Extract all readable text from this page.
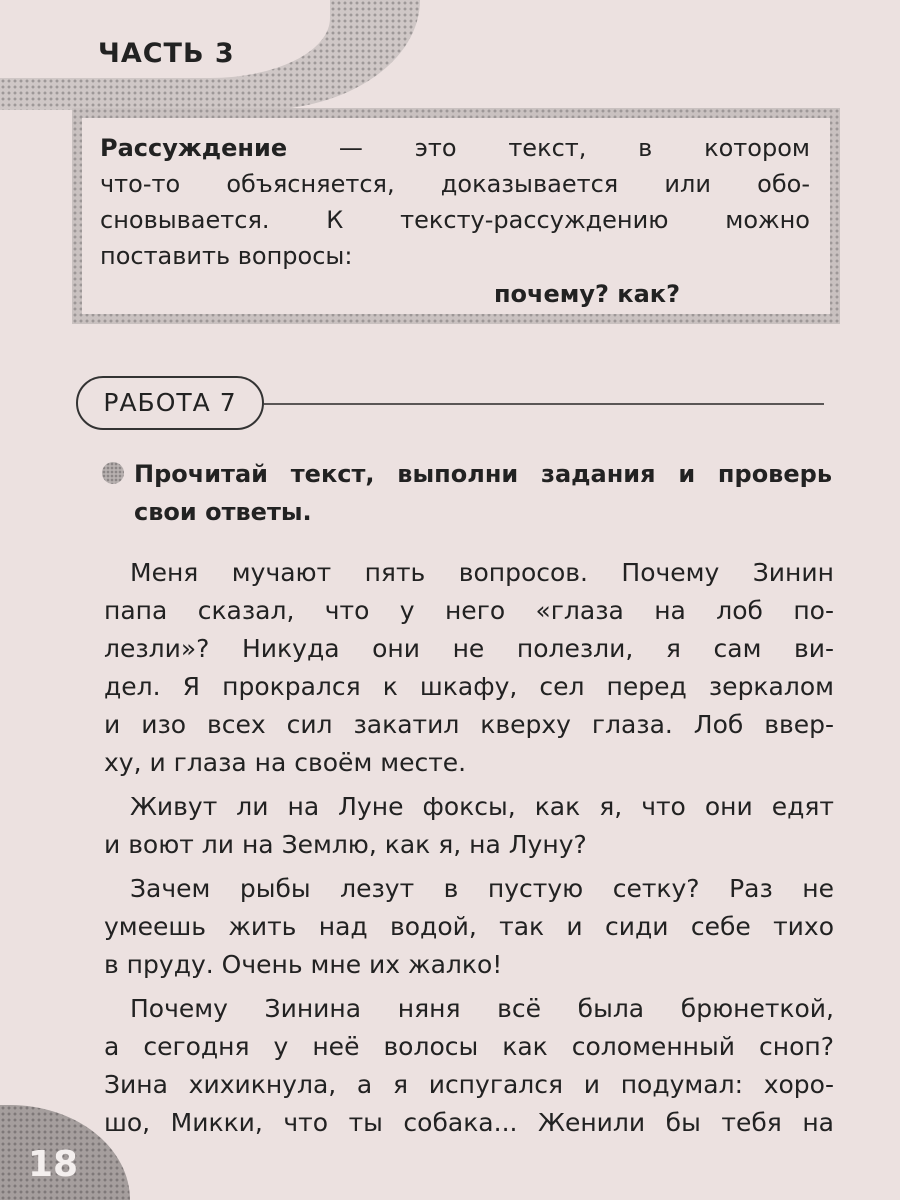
ЧАСТЬ 3
Рассуждение — это текст, в котором
что-то объясняется, доказывается или обо-
сновывается. К тексту-рассуждению можно
поставить вопросы:
почему? как?
РАБОТА 7
Прочитай текст, выполни задания и проверь
свои ответы.
Меня мучают пять вопросов. Почему Зинин
папа сказал, что у него «глаза на лоб по-
лезли»? Никуда они не полезли, я сам ви-
дел. Я прокрался к шкафу, сел перед зеркалом
и изо всех сил закатил кверху глаза. Лоб ввер-
ху, и глаза на своём месте.
Живут ли на Луне фоксы, как я, что они едят
и воют ли на Землю, как я, на Луну?
Зачем рыбы лезут в пустую сетку? Раз не
умеешь жить над водой, так и сиди себе тихо
в пруду. Очень мне их жалко!
Почему Зинина няня всё была брюнеткой,
а сегодня у неё волосы как соломенный сноп?
Зина хихикнула, а я испугался и подумал: хоро-
шо, Микки, что ты собака... Женили бы тебя на
18
